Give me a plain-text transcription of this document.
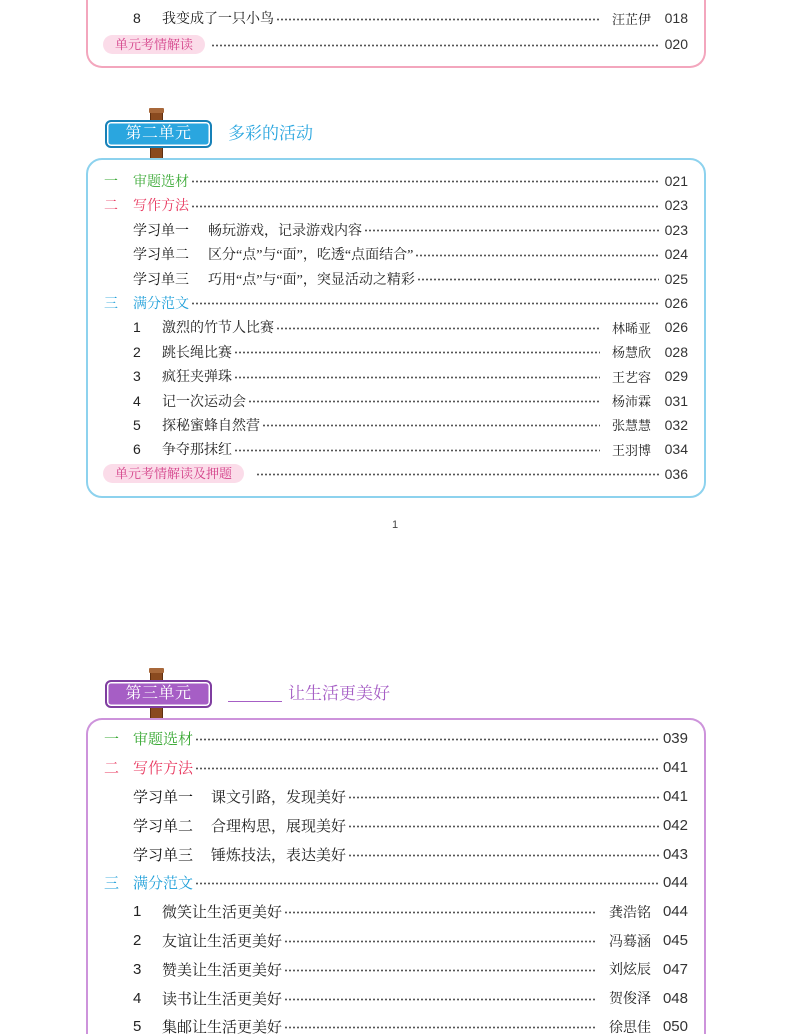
8	我变成了一只小鸟	汪芷伊 018
单元考情解读	020
第二单元	多彩的活动
一	审题选材	021
二	写作方法	023
学习单一	畅玩游戏，记录游戏内容	023
学习单二	区分“点”与“面”，吃透“点面结合”	024
学习单三	巧用“点”与“面”，突显活动之精彩	025
三	满分范文	026
1	激烈的竹节人比赛	林晞亚 026
2	跳长绳比赛	杨慧欣 028
3	疯狂夹弹珠	王艺容 029
4	记一次运动会	杨沛霖 031
5	探秘蜜蜂自然营	张慧慧 032
6	争夺那抹红	王羽博 034
单元考情解读及押题	036
1
第三单元	让生活更美好
一 审题选材	039
二 写作方法	041
学习单一	课文引路，发现美好	041
学习单二	合理构思，展现美好	042
学习单三	锤炼技法，表达美好	043
三 满分范文	044
1	微笑让生活更美好	龚浩铭 044
2	友谊让生活更美好	冯蓦涵 045
3	赞美让生活更美好	刘炫辰 047
4	读书让生活更美好	贺俊泽 048
5	集邮让生活更美好	徐思佳 050
